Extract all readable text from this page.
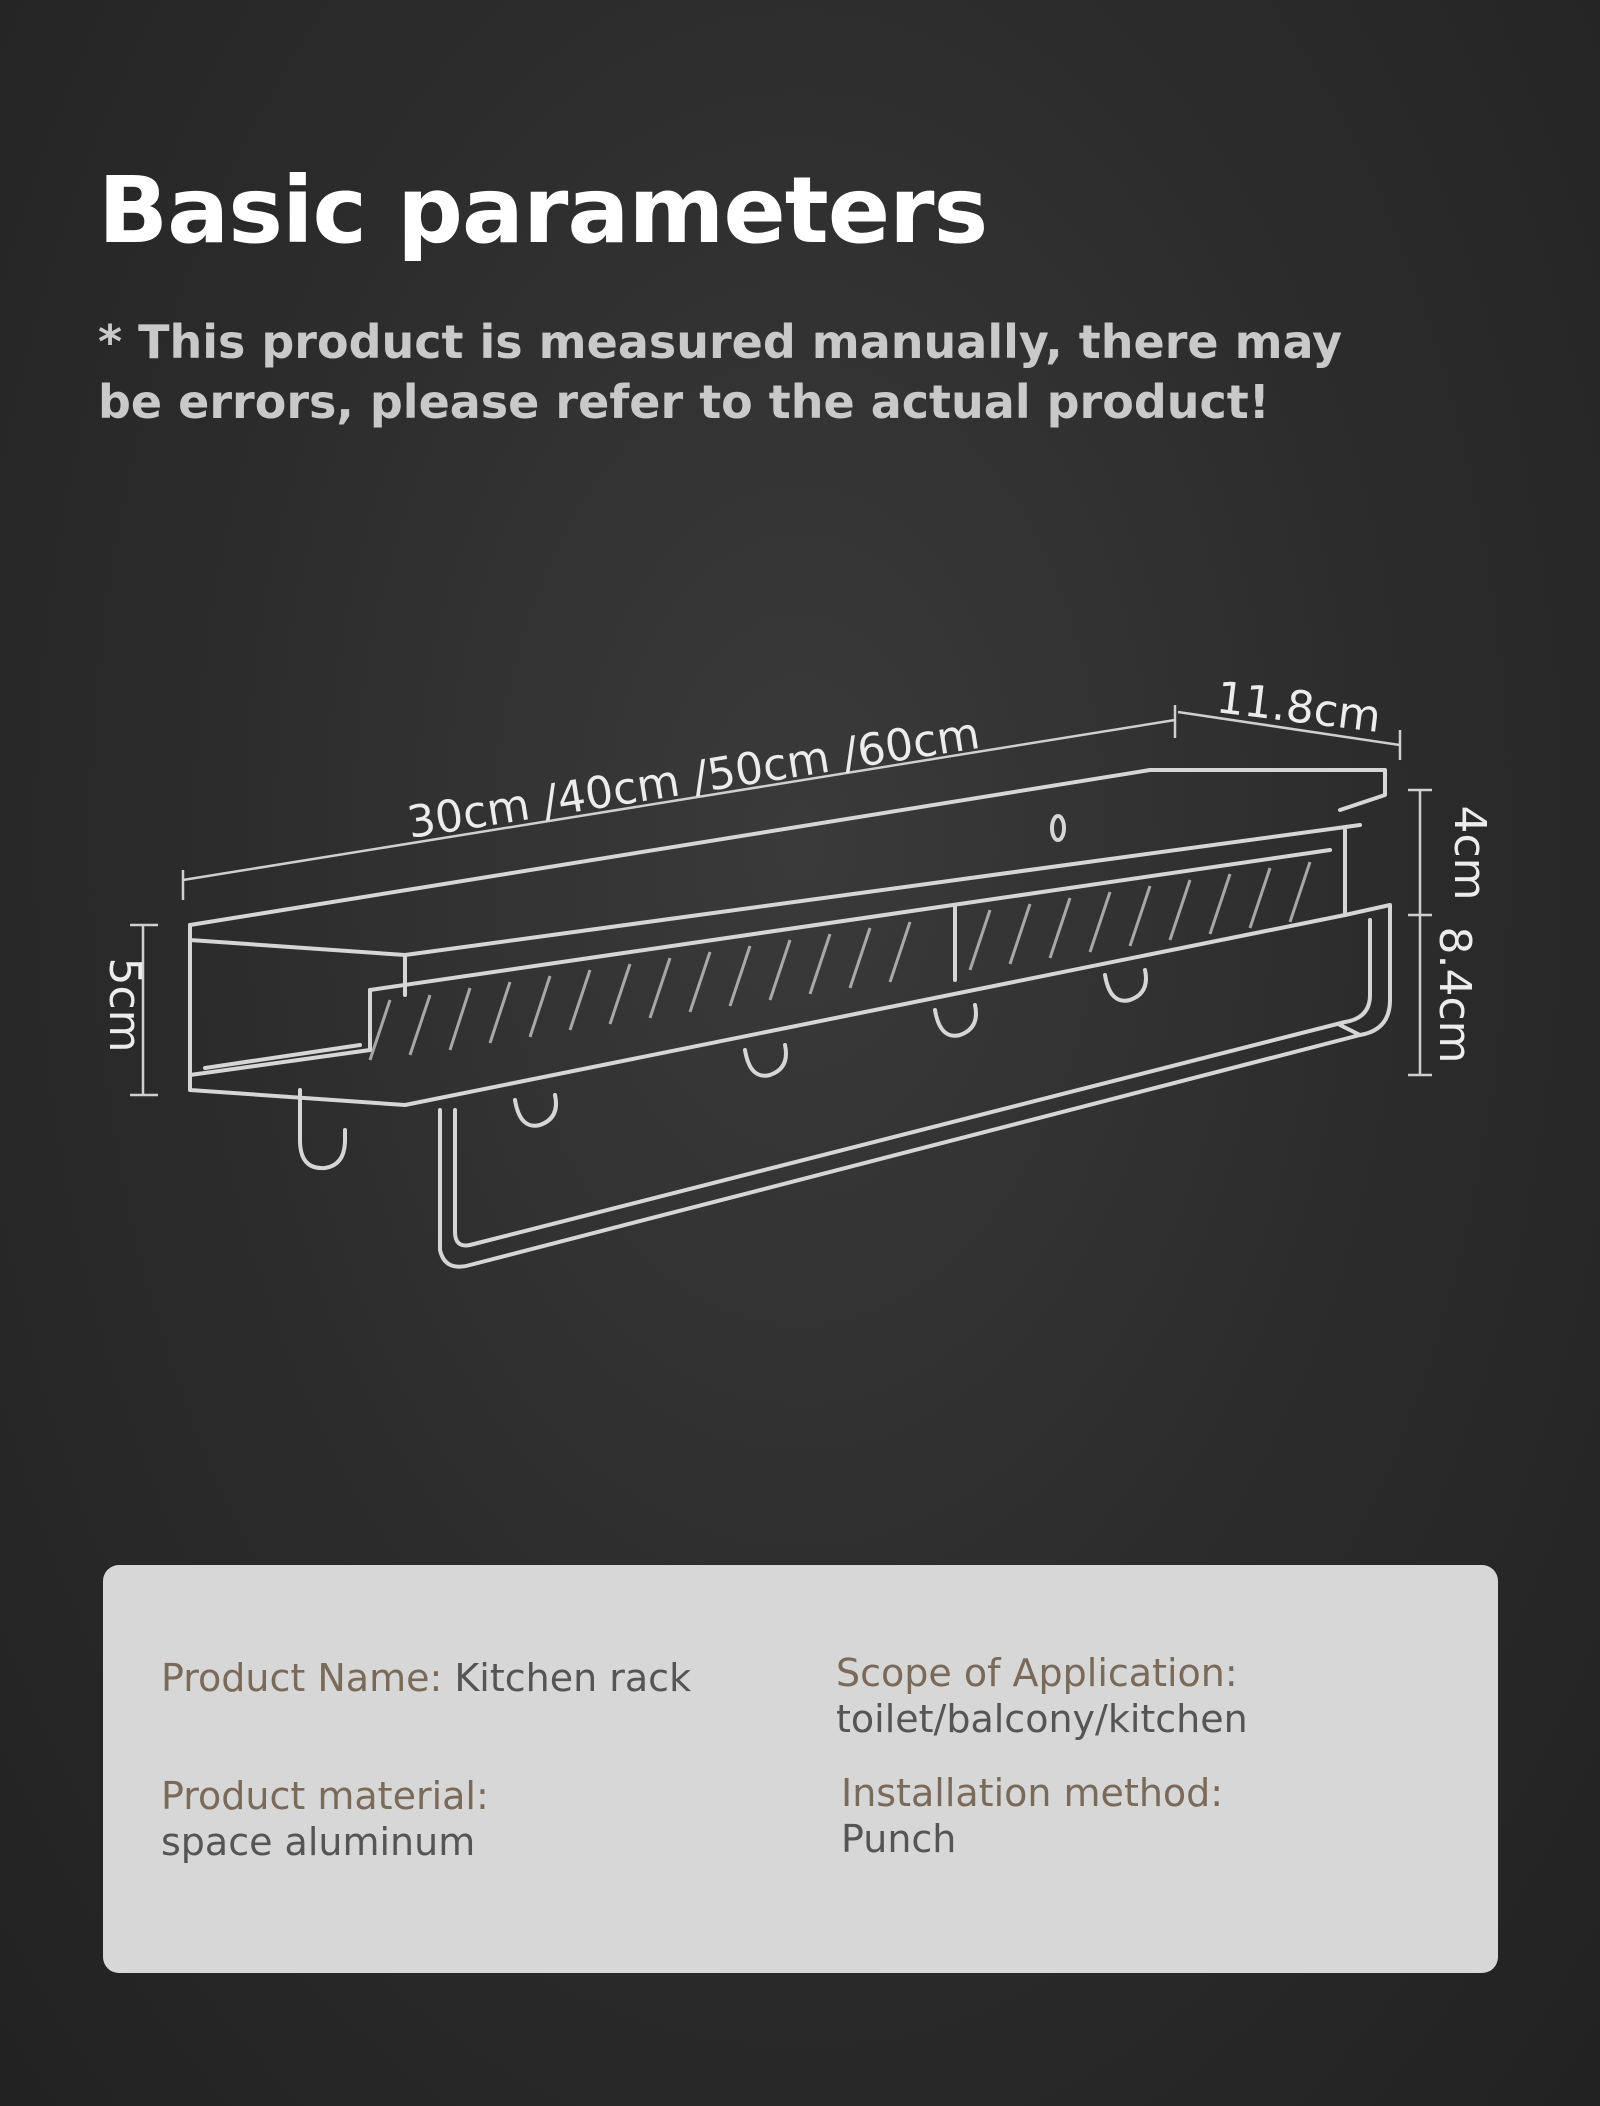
Basic parameters
* This product is measured manually, there may be errors, please refer to the actual product!
30cm /40cm /50cm /60cm
11.8cm
5cm
4cm
8.4cm
Product Name: Kitchen rack	Scope of Application:
toilet/balcony/kitchen
Product material:
space aluminum
Installation method:
Punch
